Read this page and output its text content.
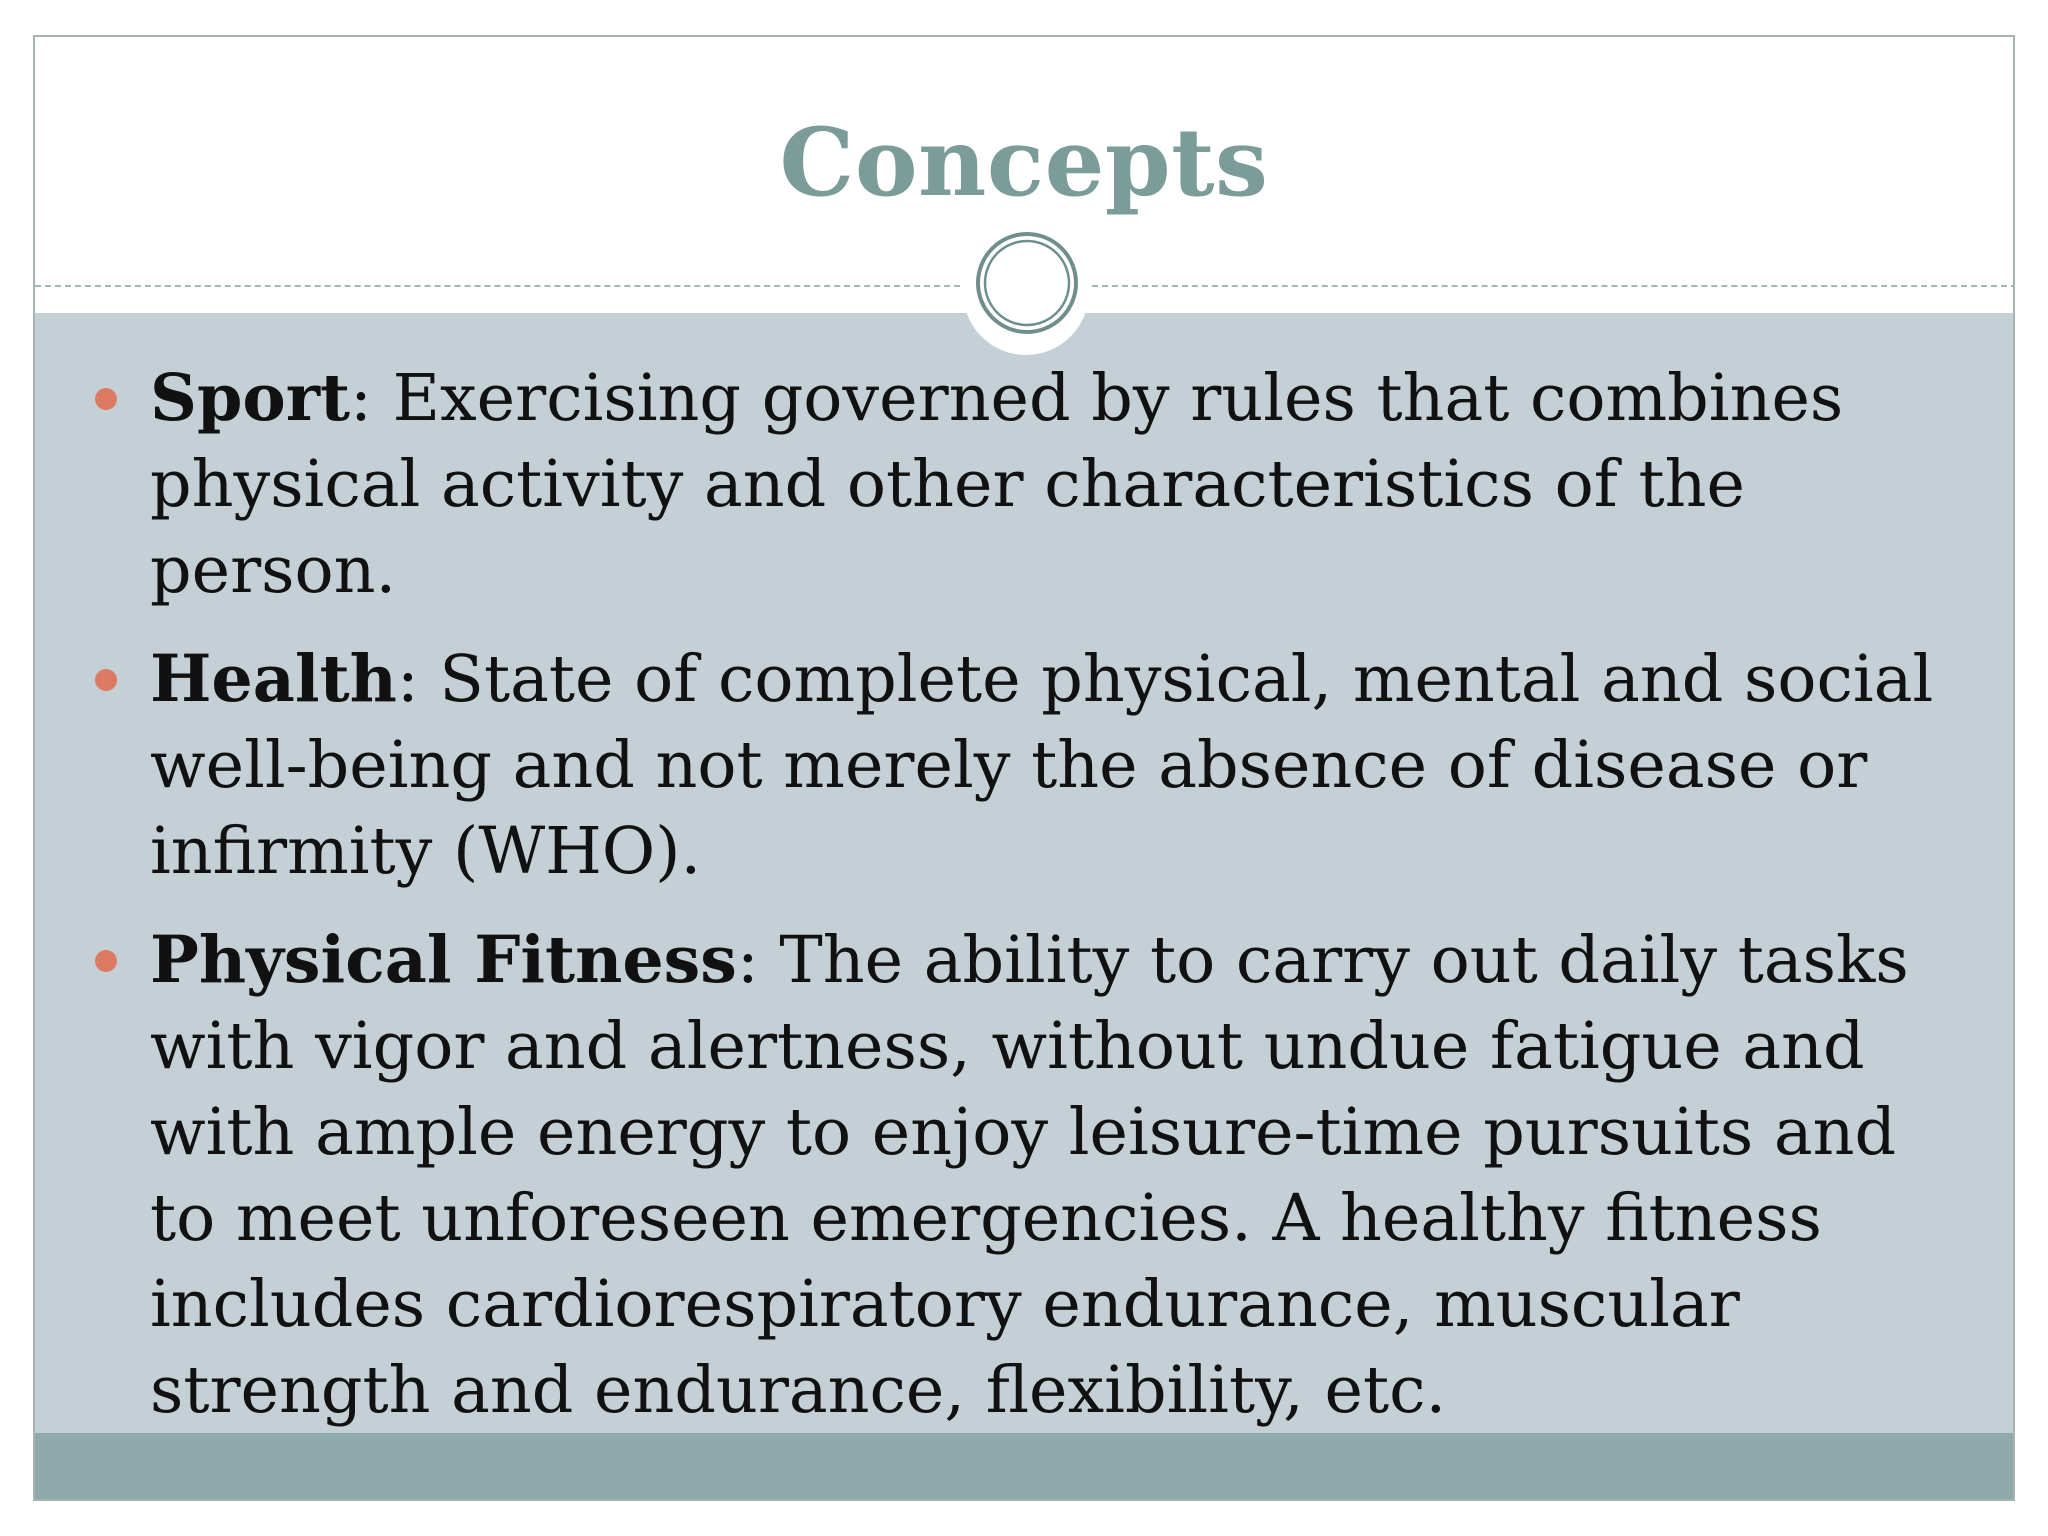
Concepts
Sport: Exercising governed by rules that combines physical activity and other characteristics of the person.
Health: State of complete physical, mental and social well-being and not merely the absence of disease or infirmity (WHO).
Physical Fitness: The ability to carry out daily tasks with vigor and alertness, without undue fatigue and with ample energy to enjoy leisure-time pursuits and to meet unforeseen emergencies. A healthy fitness includes cardiorespiratory endurance, muscular strength and endurance, flexibility, etc.
